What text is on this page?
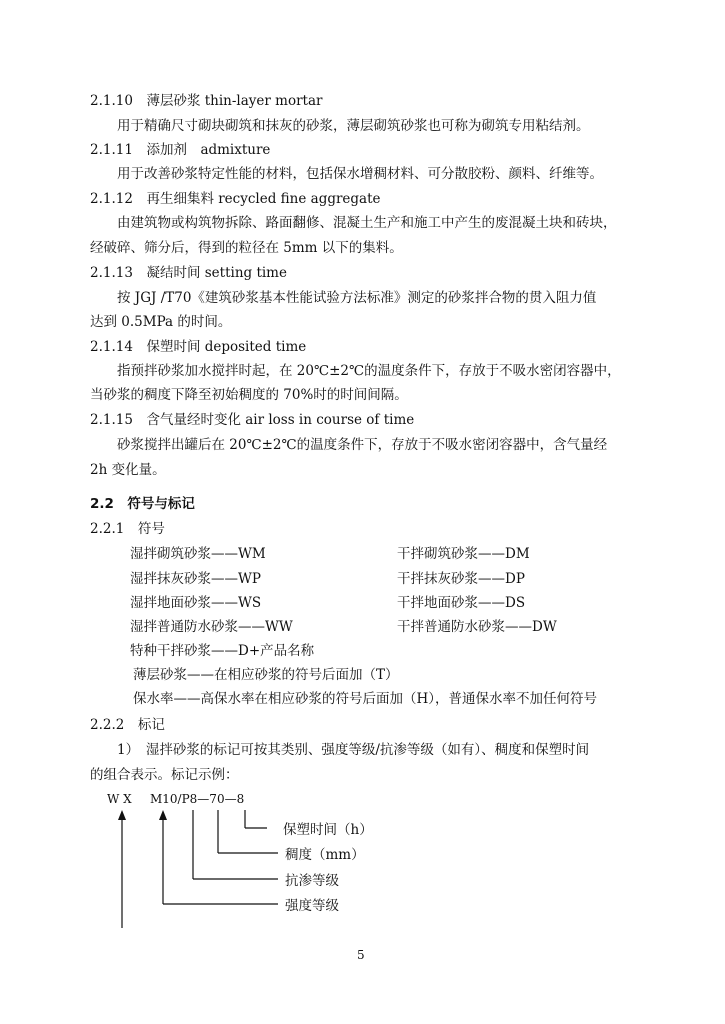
2.1.10　薄层砂浆 thin-layer mortar
用于精确尺寸砌块砌筑和抹灰的砂浆，薄层砌筑砂浆也可称为砌筑专用粘结剂。
2.1.11　添加剂　admixture
用于改善砂浆特定性能的材料，包括保水增稠材料、可分散胶粉、颜料、纤维等。
2.1.12　再生细集料 recycled fine aggregate
由建筑物或构筑物拆除、路面翻修、混凝土生产和施工中产生的废混凝土块和砖块，
经破碎、筛分后，得到的粒径在 5mm 以下的集料。
2.1.13　凝结时间 setting time
按 JGJ /T70《建筑砂浆基本性能试验方法标准》测定的砂浆拌合物的贯入阻力值
达到 0.5MPa 的时间。
2.1.14　保塑时间 deposited time
指预拌砂浆加水搅拌时起，在 20℃±2℃的温度条件下，存放于不吸水密闭容器中，
当砂浆的稠度下降至初始稠度的 70%时的时间间隔。
2.1.15　含气量经时变化 air loss in course of time
砂浆搅拌出罐后在 20℃±2℃的温度条件下，存放于不吸水密闭容器中，含气量经
2h 变化量。
2.2　符号与标记
2.2.1　符号
湿拌砌筑砂浆——WM	干拌砌筑砂浆——DM
湿拌抹灰砂浆——WP	干拌抹灰砂浆——DP
湿拌地面砂浆——WS	干拌地面砂浆——DS
湿拌普通防水砂浆——WW	干拌普通防水砂浆——DW
特种干拌砂浆——D+产品名称
薄层砂浆——在相应砂浆的符号后面加（T）
保水率——高保水率在相应砂浆的符号后面加（H），普通保水率不加任何符号
2.2.2　标记
1）　湿拌砂浆的标记可按其类别、强度等级/抗渗等级（如有）、稠度和保塑时间
的组合表示。标记示例：
W X M10/P8—70—8
保塑时间（h）
稠度（mm）
抗渗等级
强度等级
5
